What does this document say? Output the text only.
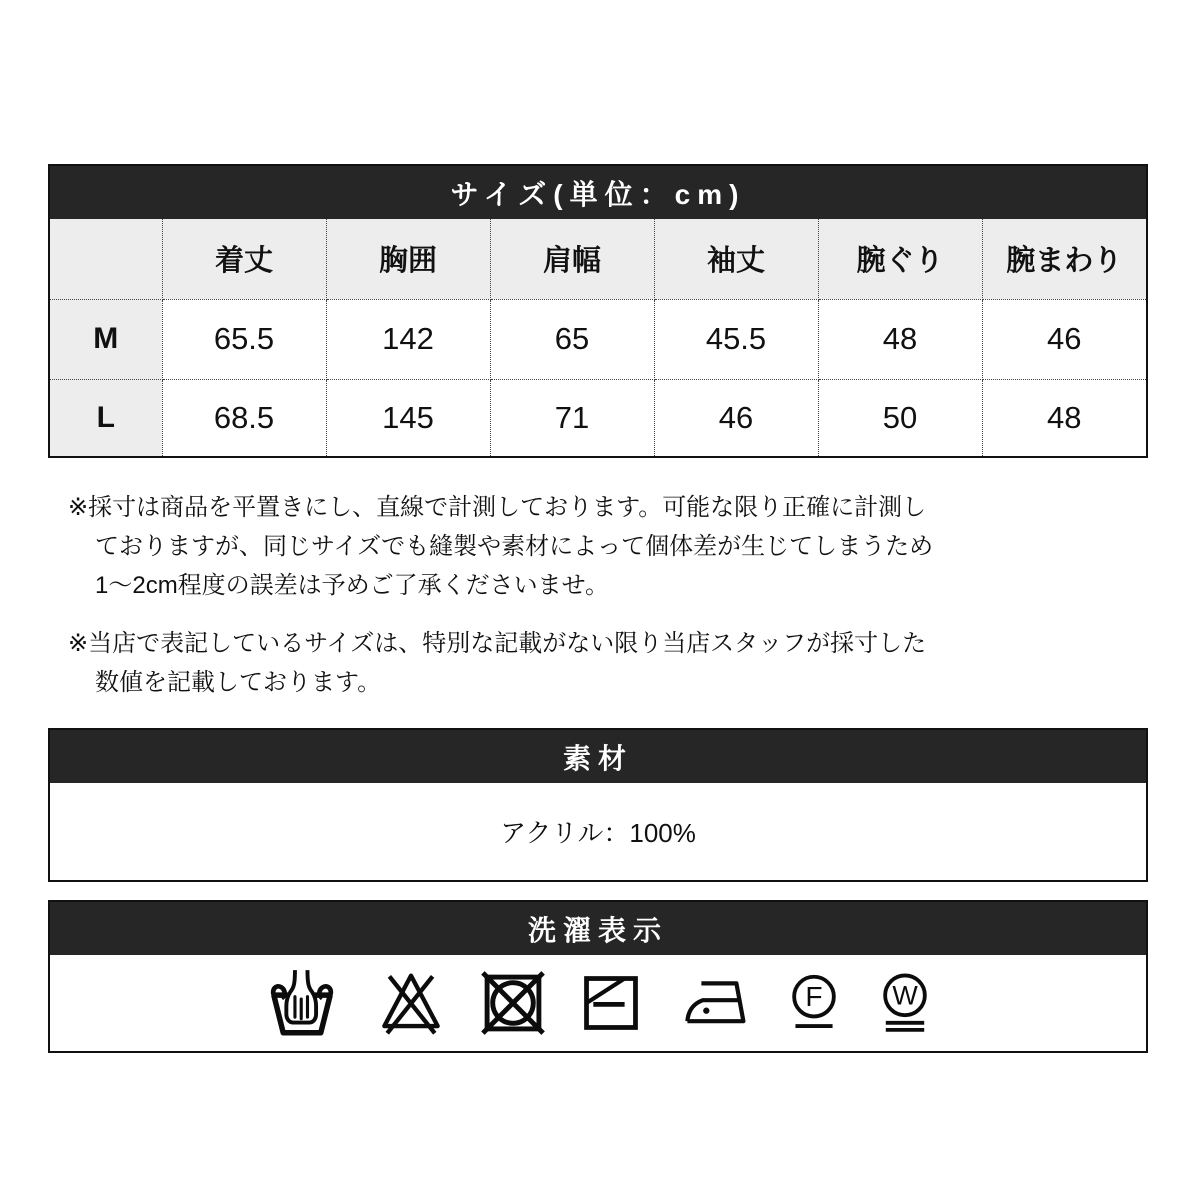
サイズ(単位：cm)
	着丈	胸囲	肩幅	袖丈	腕ぐり	腕まわり
M	65.5	142	65	45.5	48	46
L	68.5	145	71	46	50	48
※採寸は商品を平置きにし、直線で計測しております。可能な限り正確に計測し
ておりますが、同じサイズでも縫製や素材によって個体差が生じてしまうため
1〜2cm程度の誤差は予めご了承くださいませ。
※当店で表記しているサイズは、特別な記載がない限り当店スタッフが採寸した
数値を記載しております。
素材
アクリル：100%
洗濯表示
F W
